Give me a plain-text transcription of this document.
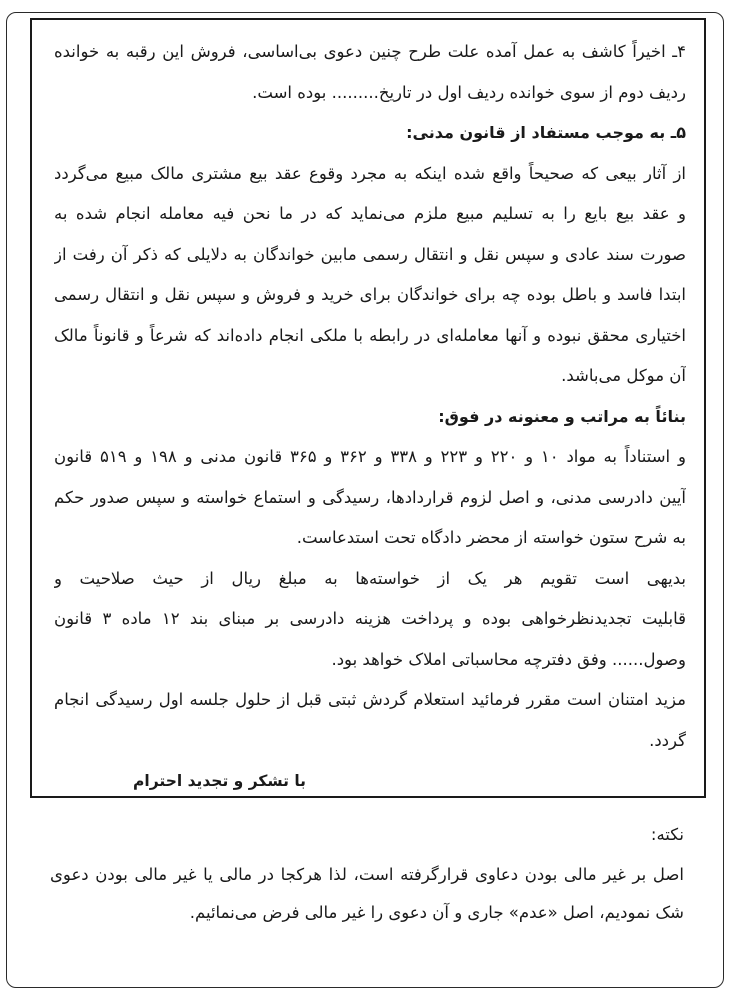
۴ـ اخیراً کاشف به عمل آمده علت طرح چنین دعوی بی‌اساسی، فروش این رقبه به خوانده
ردیف دوم از سوی خوانده ردیف اول در تاریخ......... بوده است.
۵ـ به موجب مستفاد از قانون مدنی:
از آثار بیعی که صحیحاً واقع شده اینکه به مجرد وقوع عقد بیع مشتری مالک مبیع می‌گردد
و عقد بیع بایع را به تسلیم مبیع ملزم می‌نماید که در ما نحن فیه معامله انجام شده به
صورت سند عادی و سپس نقل و انتقال رسمی مابین خواندگان به دلایلی که ذکر آن رفت از
ابتدا فاسد و باطل بوده چه برای خواندگان برای خرید و فروش و سپس نقل و انتقال رسمی
اختیاری محقق نبوده و آنها معامله‌ای در رابطه با ملکی انجام داده‌اند که شرعاً و قانوناً مالک
آن موکل می‌باشد.
بنائاً به مراتب و معنونه در فوق:
و استناداً به مواد ۱۰ و ۲۲۰ و ۲۲۳ و ۳۳۸ و ۳۶۲ و ۳۶۵ قانون مدنی و ۱۹۸ و ۵۱۹ قانون
آیین دادرسی مدنی، و اصل لزوم قراردادها، رسیدگی و استماع خواسته و سپس صدور حکم
به شرح ستون خواسته از محضر دادگاه تحت استدعاست.
بدیهی است تقویم هر یک از خواسته‌ها به مبلغ ریال از حیث صلاحیت و
قابلیت تجدیدنظرخواهی بوده و پرداخت هزینه دادرسی بر مبنای بند ۱۲ ماده ۳ قانون
وصول...... وفق دفترچه محاسباتی املاک خواهد بود.
مزید امتنان است مقرر فرمائید استعلام گردش ثبتی قبل از حلول جلسه اول رسیدگی انجام
گردد.
با تشکر و تجدید احترام
نکته:
اصل بر غیر مالی بودن دعاوی قرارگرفته است، لذا هرکجا در مالی یا غیر مالی بودن دعوی
شک نمودیم، اصل «عدم» جاری و آن دعوی را غیر مالی فرض می‌نمائیم.
